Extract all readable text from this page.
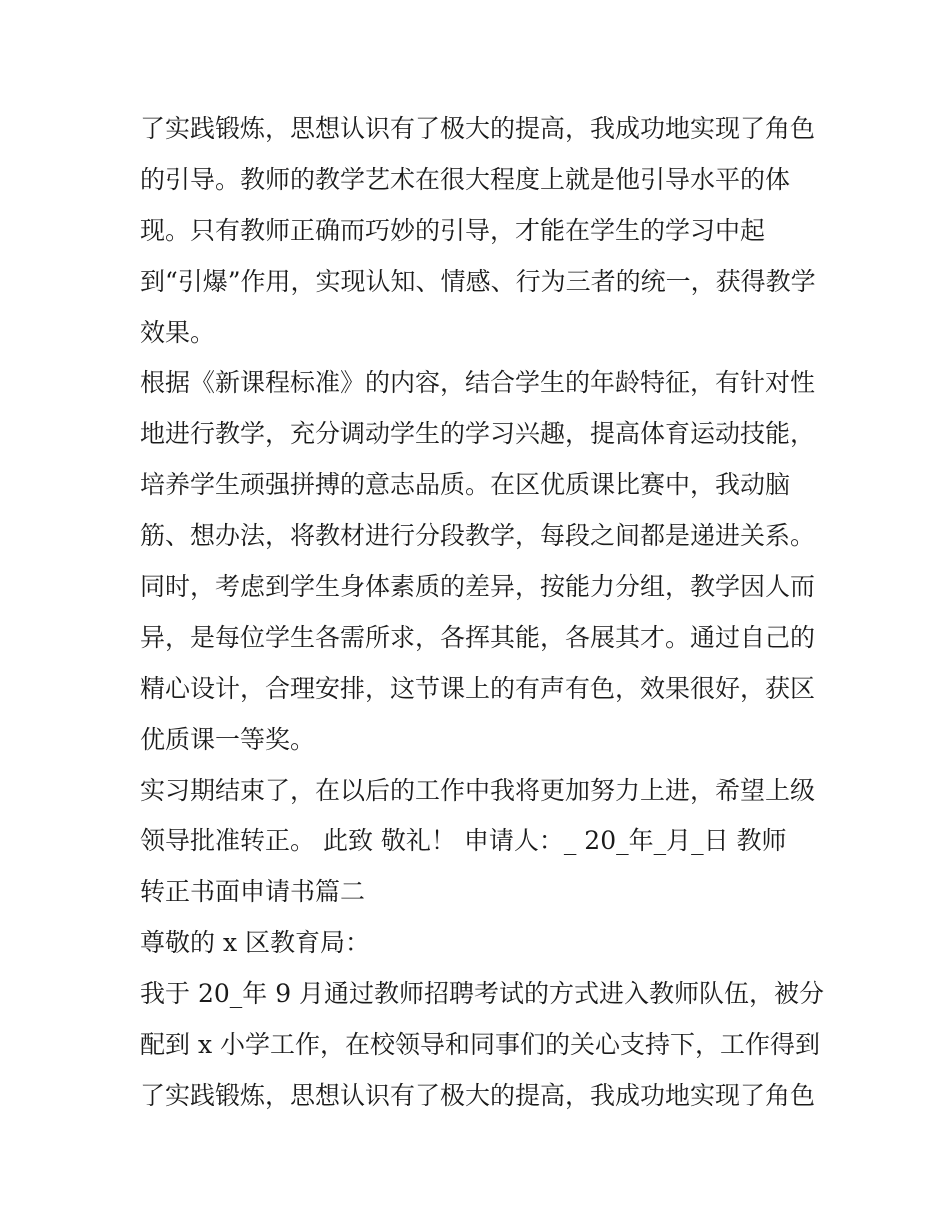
了实践锻炼，思想认识有了极大的提高，我成功地实现了角色
的引导。教师的教学艺术在很大程度上就是他引导水平的体
现。只有教师正确而巧妙的引导，才能在学生的学习中起
到“引爆”作用，实现认知、情感、行为三者的统一，获得教学
效果。
根据《新课程标准》的内容，结合学生的年龄特征，有针对性
地进行教学，充分调动学生的学习兴趣，提高体育运动技能，
培养学生顽强拼搏的意志品质。在区优质课比赛中，我动脑
筋、想办法，将教材进行分段教学，每段之间都是递进关系。
同时，考虑到学生身体素质的差异，按能力分组，教学因人而
异，是每位学生各需所求，各挥其能，各展其才。通过自己的
精心设计，合理安排，这节课上的有声有色，效果很好，获区
优质课一等奖。
实习期结束了，在以后的工作中我将更加努力上进，希望上级
领导批准转正。 此致 敬礼！ 申请人：_ 20_年_月_日 教师
转正书面申请书篇二
尊敬的 x 区教育局：
我于 20_年 9 月通过教师招聘考试的方式进入教师队伍，被分
配到 x 小学工作，在校领导和同事们的关心支持下，工作得到
了实践锻炼，思想认识有了极大的提高，我成功地实现了角色
